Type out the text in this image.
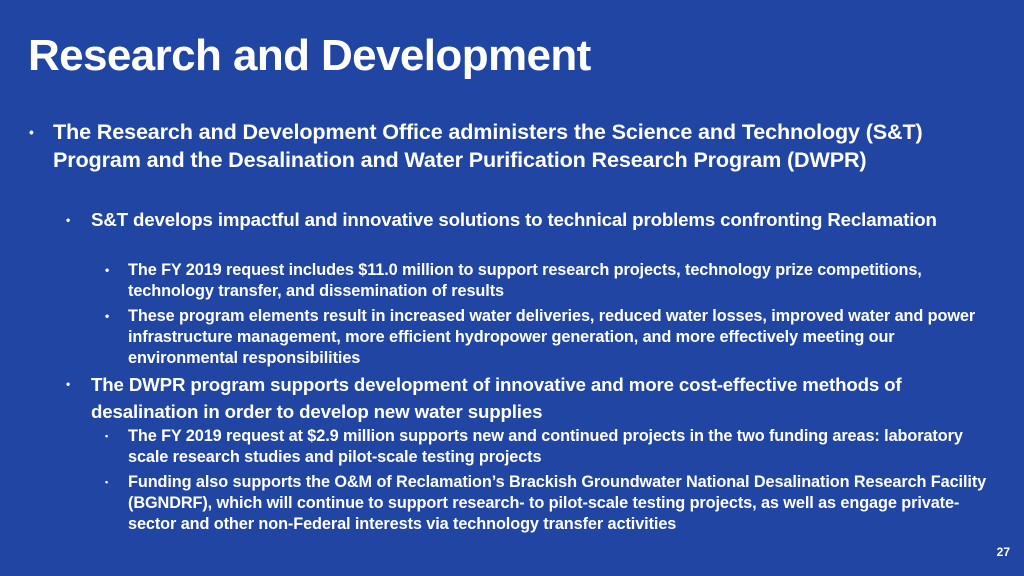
Research and Development
• The Research and Development Office administers the Science and Technology (S&T) Program and the Desalination and Water Purification Research Program (DWPR)
• S&T develops impactful and innovative solutions to technical problems confronting Reclamation
• The FY 2019 request includes $11.0 million to support research projects, technology prize competitions, technology transfer, and dissemination of results
• These program elements result in increased water deliveries, reduced water losses, improved water and power infrastructure management, more efficient hydropower generation, and more effectively meeting our environmental responsibilities
• The DWPR program supports development of innovative and more cost-effective methods of desalination in order to develop new water supplies
• The FY 2019 request at $2.9 million supports new and continued projects in the two funding areas: laboratory scale research studies and pilot-scale testing projects
• Funding also supports the O&M of Reclamation’s Brackish Groundwater National Desalination Research Facility (BGNDRF), which will continue to support research- to pilot-scale testing projects, as well as engage private-sector and other non-Federal interests via technology transfer activities
27
